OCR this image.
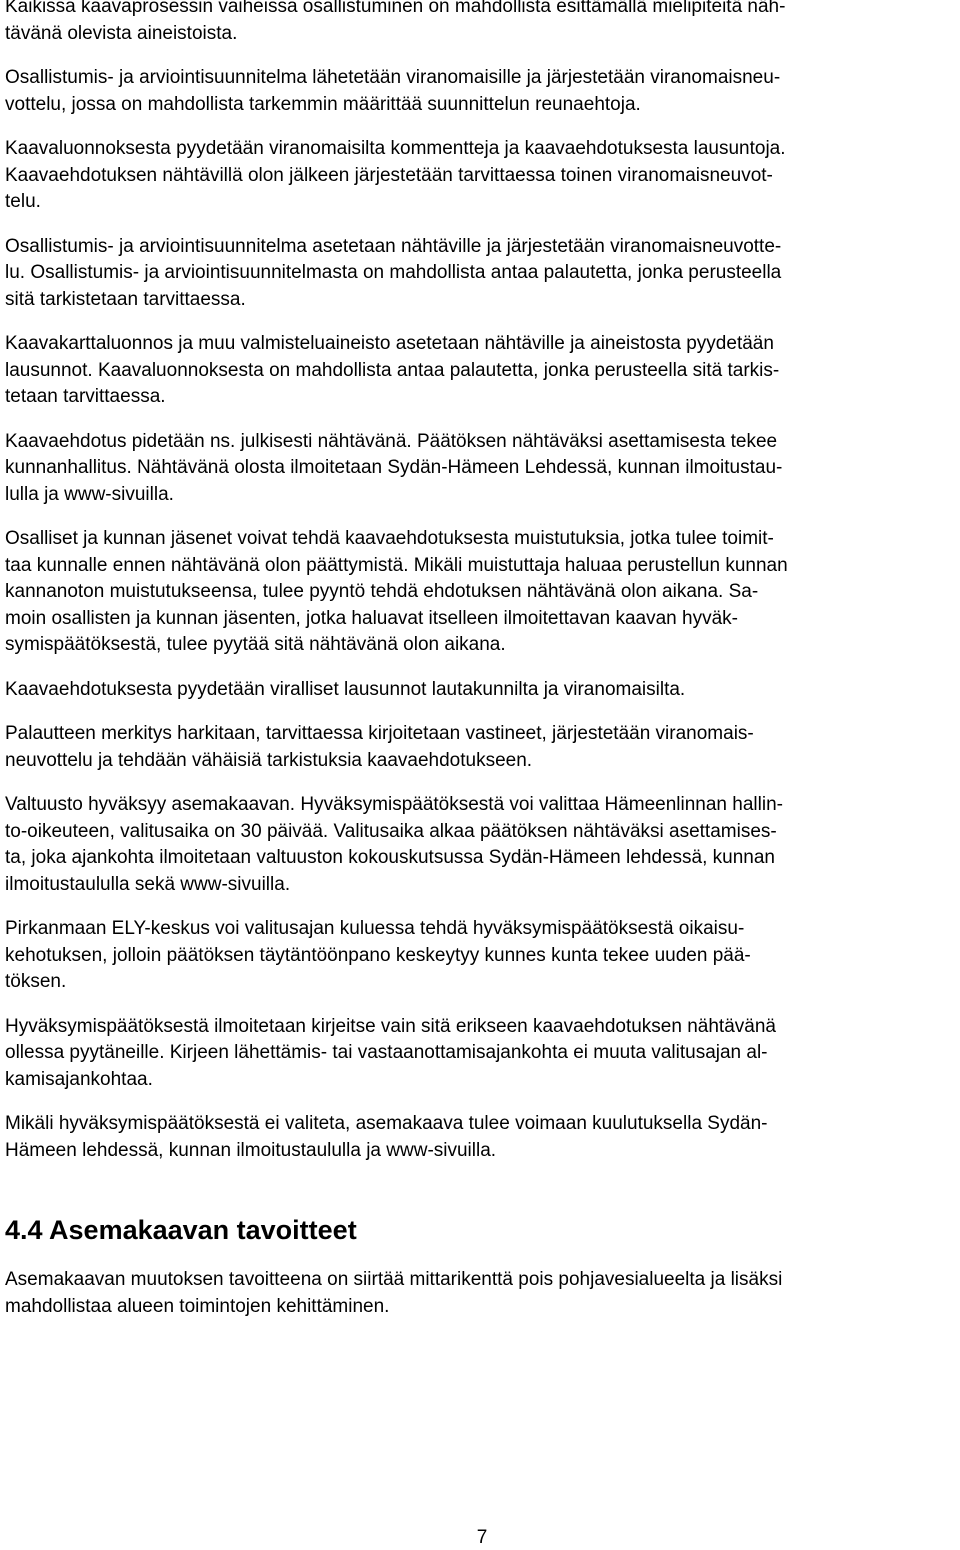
Kaikissa kaavaprosessin vaiheissa osallistuminen on mahdollista esittämällä mielipiteitä näh-
tävänä olevista aineistoista.

Osallistumis- ja arviointisuunnitelma lähetetään viranomaisille ja järjestetään viranomaisneu-
vottelu, jossa on mahdollista tarkemmin määrittää suunnittelun reunaehtoja.

Kaavaluonnoksesta pyydetään viranomaisilta kommentteja ja kaavaehdotuksesta lausuntoja.

Kaavaehdotuksen nähtävillä olon jälkeen järjestetään tarvittaessa toinen viranomaisneuvot-
telu.

Osallistumis- ja arviointisuunnitelma asetetaan nähtäville ja järjestetään viranomaisneuvotte-
lu. Osallistumis- ja arviointisuunnitelmasta on mahdollista antaa palautetta, jonka perusteella
sitä tarkistetaan tarvittaessa.

Kaavakarttaluonnos ja muu valmisteluaineisto asetetaan nähtäville ja aineistosta pyydetään
lausunnot. Kaavaluonnoksesta on mahdollista antaa palautetta, jonka perusteella sitä tarkis-
tetaan tarvittaessa.

Kaavaehdotus pidetään ns. julkisesti nähtävänä. Päätöksen nähtäväksi asettamisesta tekee
kunnanhallitus. Nähtävänä olosta ilmoitetaan Sydän-Hämeen Lehdessä, kunnan ilmoitustau-
lulla ja www-sivuilla.

Osalliset ja kunnan jäsenet voivat tehdä kaavaehdotuksesta muistutuksia, jotka tulee toimit-
taa kunnalle ennen nähtävänä olon päättymistä. Mikäli muistuttaja haluaa perustellun kunnan
kannanoton muistutukseensa, tulee pyyntö tehdä ehdotuksen nähtävänä olon aikana. Sa-
moin osallisten ja kunnan jäsenten, jotka haluavat itselleen ilmoitettavan kaavan hyväk-
symispäätöksestä, tulee pyytää sitä nähtävänä olon aikana.

Kaavaehdotuksesta pyydetään viralliset lausunnot lautakunnilta ja viranomaisilta.

Palautteen merkitys harkitaan, tarvittaessa kirjoitetaan vastineet, järjestetään viranomais-
neuvottelu ja tehdään vähäisiä tarkistuksia kaavaehdotukseen.

Valtuusto hyväksyy asemakaavan. Hyväksymispäätöksestä voi valittaa Hämeenlinnan hallin-
to-oikeuteen, valitusaika on 30 päivää. Valitusaika alkaa päätöksen nähtäväksi asettamises-
ta, joka ajankohta ilmoitetaan valtuuston kokouskutsussa Sydän-Hämeen lehdessä, kunnan
ilmoitustaululla sekä www-sivuilla.

Pirkanmaan ELY-keskus voi valitusajan kuluessa tehdä hyväksymispäätöksestä oikaisu-
kehotuksen, jolloin päätöksen täytäntöönpano keskeytyy kunnes kunta tekee uuden pää-
töksen.

Hyväksymispäätöksestä ilmoitetaan kirjeitse vain sitä erikseen kaavaehdotuksen nähtävänä
ollessa pyytäneille. Kirjeen lähettämis- tai vastaanottamisajankohta ei muuta valitusajan al-
kamisajankohtaa.

Mikäli hyväksymispäätöksestä ei valiteta, asemakaava tulee voimaan kuulutuksella Sydän-
Hämeen lehdessä, kunnan ilmoitustaululla ja www-sivuilla.

4.4 Asemakaavan tavoitteet

Asemakaavan muutoksen tavoitteena on siirtää mittarikenttä pois pohjavesialueelta ja lisäksi
mahdollistaa alueen toimintojen kehittäminen.

7
